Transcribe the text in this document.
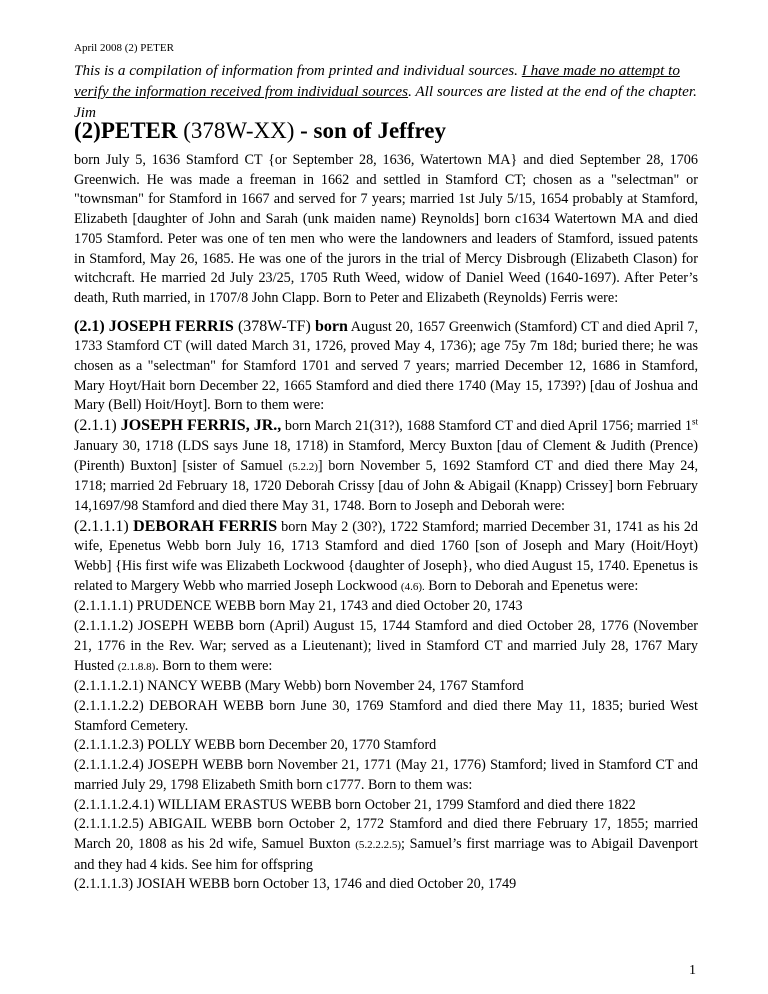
April 2008 (2) PETER
This is a compilation of information from printed and individual sources. I have made no attempt to verify the information received from individual sources. All sources are listed at the end of the chapter. Jim
(2)PETER (378W-XX) - son of Jeffrey

born July 5, 1636 Stamford CT {or September 28, 1636, Watertown MA} and died September 28, 1706 Greenwich. He was made a freeman in 1662 and settled in Stamford CT; chosen as a "selectman" or "townsman" for Stamford in 1667 and served for 7 years; married 1st July 5/15, 1654 probably at Stamford, Elizabeth [daughter of John and Sarah (unk maiden name) Reynolds] born c1634 Watertown MA and died 1705 Stamford. Peter was one of ten men who were the landowners and leaders of Stamford, issued patents in Stamford, May 26, 1685. He was one of the jurors in the trial of Mercy Disbrough (Elizabeth Clason) for witchcraft. He married 2d July 23/25, 1705 Ruth Weed, widow of Daniel Weed (1640-1697). After Peter’s death, Ruth married, in 1707/8 John Clapp. Born to Peter and Elizabeth (Reynolds) Ferris were:

(2.1) JOSEPH FERRIS (378W-TF) born August 20, 1657 Greenwich (Stamford) CT and died April 7, 1733 Stamford CT (will dated March 31, 1726, proved May 4, 1736); age 75y 7m 18d; buried there; he was chosen as a "selectman" for Stamford 1701 and served 7 years; married December 12, 1686 in Stamford, Mary Hoyt/Hait born December 22, 1665 Stamford and died there 1740 (May 15, 1739?) [dau of Joshua and Mary (Bell) Hoit/Hoyt]. Born to them were:

(2.1.1) JOSEPH FERRIS, JR., born March 21(31?), 1688 Stamford CT and died April 1756; married 1st January 30, 1718 (LDS says June 18, 1718) in Stamford, Mercy Buxton [dau of Clement & Judith (Prence) (Pirenth) Buxton] [sister of Samuel (5.2.2)] born November 5, 1692 Stamford CT and died there May 24, 1718; married 2d February 18, 1720 Deborah Crissy [dau of John & Abigail (Knapp) Crissey] born February 14,1697/98 Stamford and died there May 31, 1748. Born to Joseph and Deborah were:

(2.1.1.1) DEBORAH FERRIS born May 2 (30?), 1722 Stamford; married December 31, 1741 as his 2d wife, Epenetus Webb born July 16, 1713 Stamford and died 1760 [son of Joseph and Mary (Hoit/Hoyt) Webb] {His first wife was Elizabeth Lockwood {daughter of Joseph}, who died August 15, 1740. Epenetus is related to Margery Webb who married Joseph Lockwood (4.6). Born to Deborah and Epenetus were:

(2.1.1.1.1) PRUDENCE WEBB born May 21, 1743 and died October 20, 1743

(2.1.1.1.2) JOSEPH WEBB born (April) August 15, 1744 Stamford and died October 28, 1776 (November 21, 1776 in the Rev. War; served as a Lieutenant); lived in Stamford CT and married July 28, 1767 Mary Husted (2.1.8.8). Born to them were:

(2.1.1.1.2.1) NANCY WEBB (Mary Webb) born November 24, 1767 Stamford

(2.1.1.1.2.2) DEBORAH WEBB born June 30, 1769 Stamford and died there May 11, 1835; buried West Stamford Cemetery.

(2.1.1.1.2.3) POLLY WEBB born December 20, 1770 Stamford

(2.1.1.1.2.4) JOSEPH WEBB born November 21, 1771 (May 21, 1776) Stamford; lived in Stamford CT and married July 29, 1798 Elizabeth Smith born c1777. Born to them was:

(2.1.1.1.2.4.1) WILLIAM ERASTUS WEBB born October 21, 1799 Stamford and died there 1822

(2.1.1.1.2.5) ABIGAIL WEBB born October 2, 1772 Stamford and died there February 17, 1855; married March 20, 1808 as his 2d wife, Samuel Buxton (5.2.2.2.5); Samuel’s first marriage was to Abigail Davenport and they had 4 kids. See him for offspring

(2.1.1.1.3) JOSIAH WEBB born October 13, 1746 and died October 20, 1749

1
